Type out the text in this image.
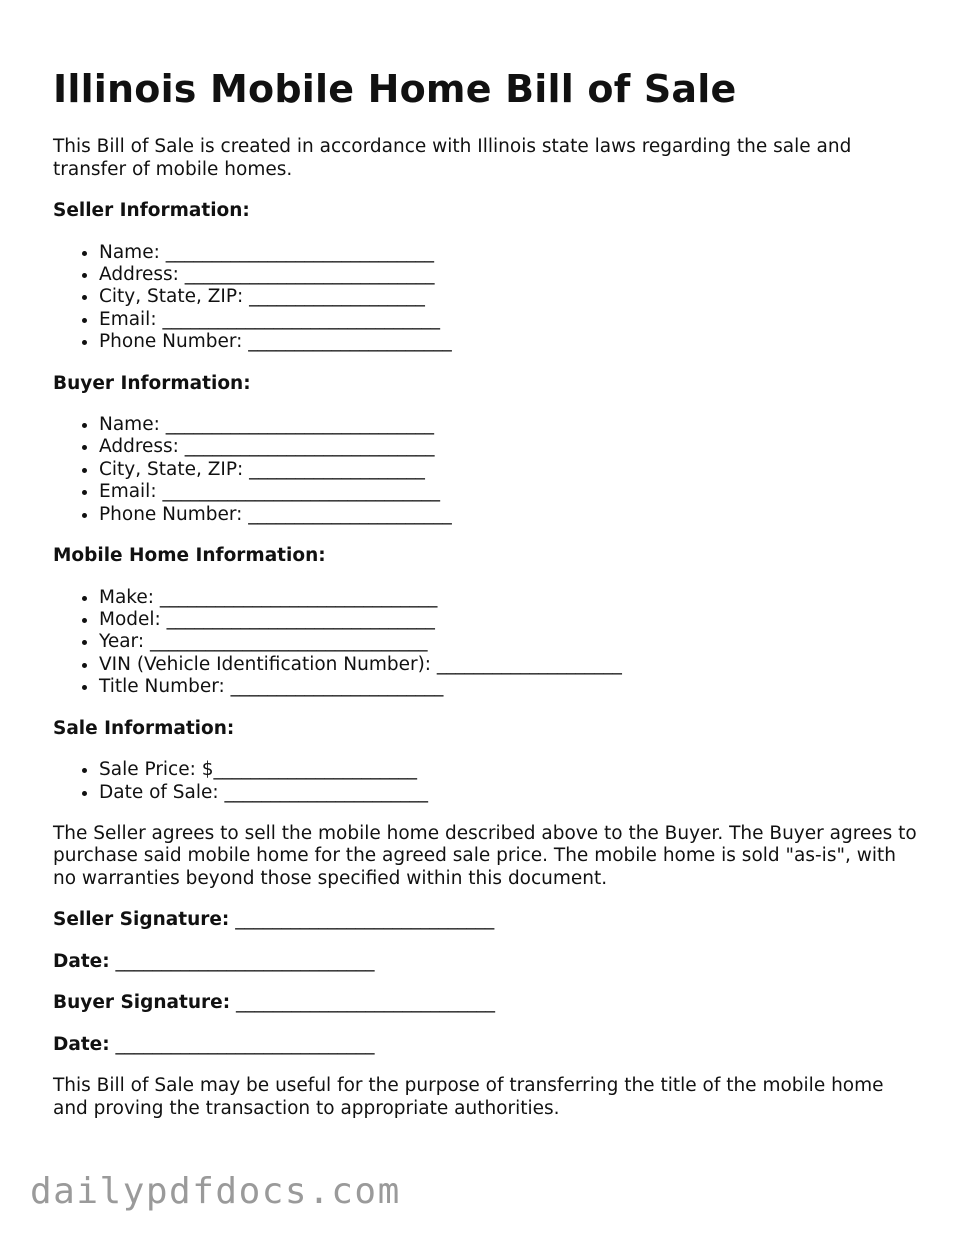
Illinois Mobile Home Bill of Sale

This Bill of Sale is created in accordance with Illinois state laws regarding the sale and transfer of mobile homes.

Seller Information:
• Name: _____________________________
• Address: ___________________________
• City, State, ZIP: ___________________
• Email: ______________________________
• Phone Number: ______________________
Buyer Information:
• Name: _____________________________
• Address: ___________________________
• City, State, ZIP: ___________________
• Email: ______________________________
• Phone Number: ______________________
Mobile Home Information:
• Make: ______________________________
• Model: _____________________________
• Year: ______________________________
• VIN (Vehicle Identification Number): ____________________
• Title Number: _______________________
Sale Information:
• Sale Price: $______________________
• Date of Sale: ______________________

The Seller agrees to sell the mobile home described above to the Buyer. The Buyer agrees to purchase said mobile home for the agreed sale price. The mobile home is sold "as-is", with no warranties beyond those specified within this document.

Seller Signature: ____________________________
Date: ____________________________
Buyer Signature: ____________________________
Date: ____________________________

This Bill of Sale may be useful for the purpose of transferring the title of the mobile home and proving the transaction to appropriate authorities.

dailypdfdocs.com
